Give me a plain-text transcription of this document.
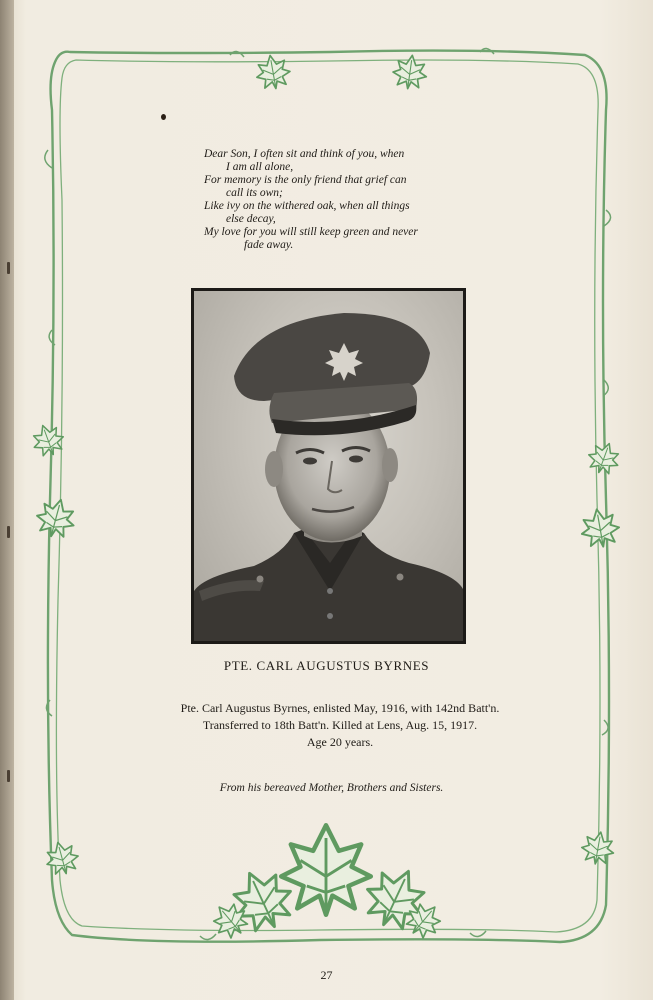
Dear Son, I often sit and think of you, when
I am all alone,
For memory is the only friend that grief can
call its own;
Like ivy on the withered oak, when all things
else decay,
My love for you will still keep green and never
fade away.
PTE. CARL AUGUSTUS BYRNES
Pte. Carl Augustus Byrnes, enlisted May, 1916, with 142nd Batt'n.
Transferred to 18th Batt'n. Killed at Lens, Aug. 15, 1917.
Age 20 years.
From his bereaved Mother, Brothers and Sisters.
27
